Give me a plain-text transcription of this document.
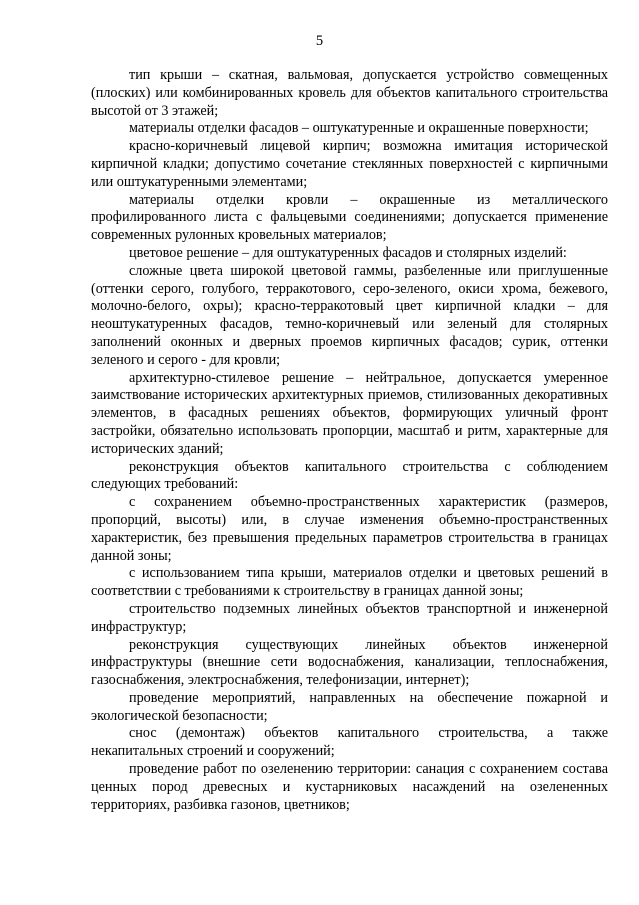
5

тип крыши – скатная, вальмовая, допускается устройство совмещенных (плоских) или комбинированных кровель для объектов капитального строительства высотой от 3 этажей;

материалы отделки фасадов – оштукатуренные и окрашенные поверхности;

красно-коричневый лицевой кирпич; возможна имитация исторической кирпичной кладки; допустимо сочетание стеклянных поверхностей с кирпичными или оштукатуренными элементами;

материалы отделки кровли – окрашенные из металлического профилированного листа с фальцевыми соединениями; допускается применение современных рулонных кровельных материалов;

цветовое решение – для оштукатуренных фасадов и столярных изделий:

сложные цвета широкой цветовой гаммы, разбеленные или приглушенные (оттенки серого, голубого, терракотового, серо-зеленого, окиси хрома, бежевого, молочно-белого, охры); красно-терракотовый цвет кирпичной кладки – для неоштукатуренных фасадов, темно-коричневый или зеленый для столярных заполнений оконных и дверных проемов кирпичных фасадов; сурик, оттенки зеленого и серого - для кровли;

архитектурно-стилевое решение – нейтральное, допускается умеренное заимствование исторических архитектурных приемов, стилизованных декоративных элементов, в фасадных решениях объектов, формирующих уличный фронт застройки, обязательно использовать пропорции, масштаб и ритм, характерные для исторических зданий;

реконструкция объектов капитального строительства с соблюдением следующих требований:

с сохранением объемно-пространственных характеристик (размеров, пропорций, высоты) или, в случае изменения объемно-пространственных характеристик, без превышения предельных параметров строительства в границах данной зоны;

с использованием типа крыши, материалов отделки и цветовых решений в соответствии с требованиями к строительству в границах данной зоны;

строительство подземных линейных объектов транспортной и инженерной инфраструктур;

реконструкция существующих линейных объектов инженерной инфраструктуры (внешние сети водоснабжения, канализации, теплоснабжения, газоснабжения, электроснабжения, телефонизации, интернет);

проведение мероприятий, направленных на обеспечение пожарной и экологической безопасности;

снос (демонтаж) объектов капитального строительства, а также некапитальных строений и сооружений;

проведение работ по озеленению территории: санация с сохранением состава ценных пород древесных и кустарниковых насаждений на озелененных территориях, разбивка газонов, цветников;
